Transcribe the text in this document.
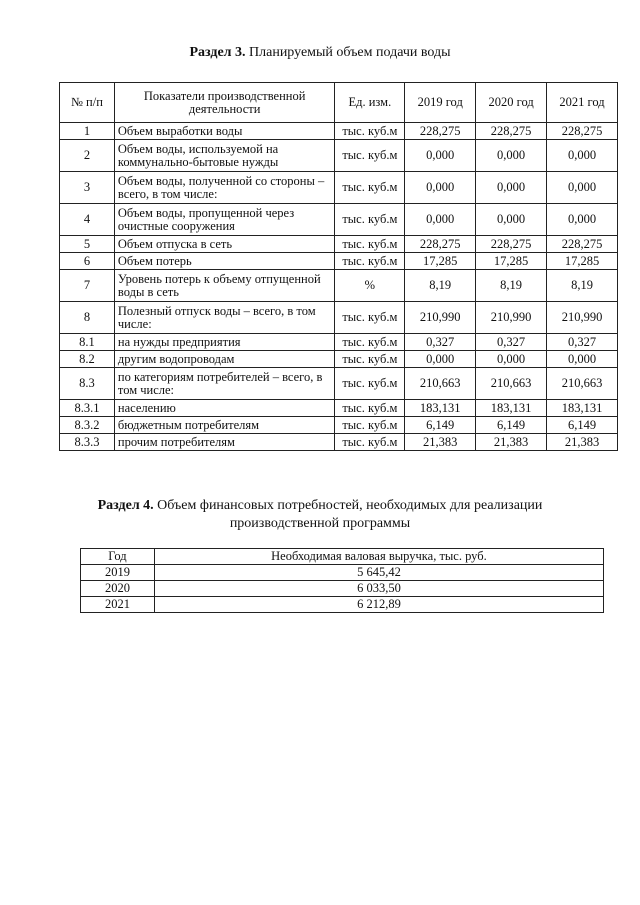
Раздел 3. Планируемый объем подачи воды
№ п/п	Показатели производственной деятельности	Ед. изм.	2019 год	2020 год	2021 год
1	Объем выработки воды	тыс. куб.м	228,275	228,275	228,275
2	Объем воды, используемой на коммунально-бытовые нужды	тыс. куб.м	0,000	0,000	0,000
3	Объем воды, полученной со стороны – всего, в том числе:	тыс. куб.м	0,000	0,000	0,000
4	Объем воды, пропущенной через очистные сооружения	тыс. куб.м	0,000	0,000	0,000
5	Объем отпуска в сеть	тыс. куб.м	228,275	228,275	228,275
6	Объем потерь	тыс. куб.м	17,285	17,285	17,285
7	Уровень потерь к объему отпущенной воды в сеть	%	8,19	8,19	8,19
8	Полезный отпуск воды – всего, в том числе:	тыс. куб.м	210,990	210,990	210,990
8.1	на нужды предприятия	тыс. куб.м	0,327	0,327	0,327
8.2	другим водопроводам	тыс. куб.м	0,000	0,000	0,000
8.3	по категориям потребителей – всего, в том числе:	тыс. куб.м	210,663	210,663	210,663
8.3.1	населению	тыс. куб.м	183,131	183,131	183,131
8.3.2	бюджетным потребителям	тыс. куб.м	6,149	6,149	6,149
8.3.3	прочим потребителям	тыс. куб.м	21,383	21,383	21,383
Раздел 4. Объем финансовых потребностей, необходимых для реализации
производственной программы
Год	Необходимая валовая выручка, тыс. руб.
2019	5 645,42
2020	6 033,50
2021	6 212,89
